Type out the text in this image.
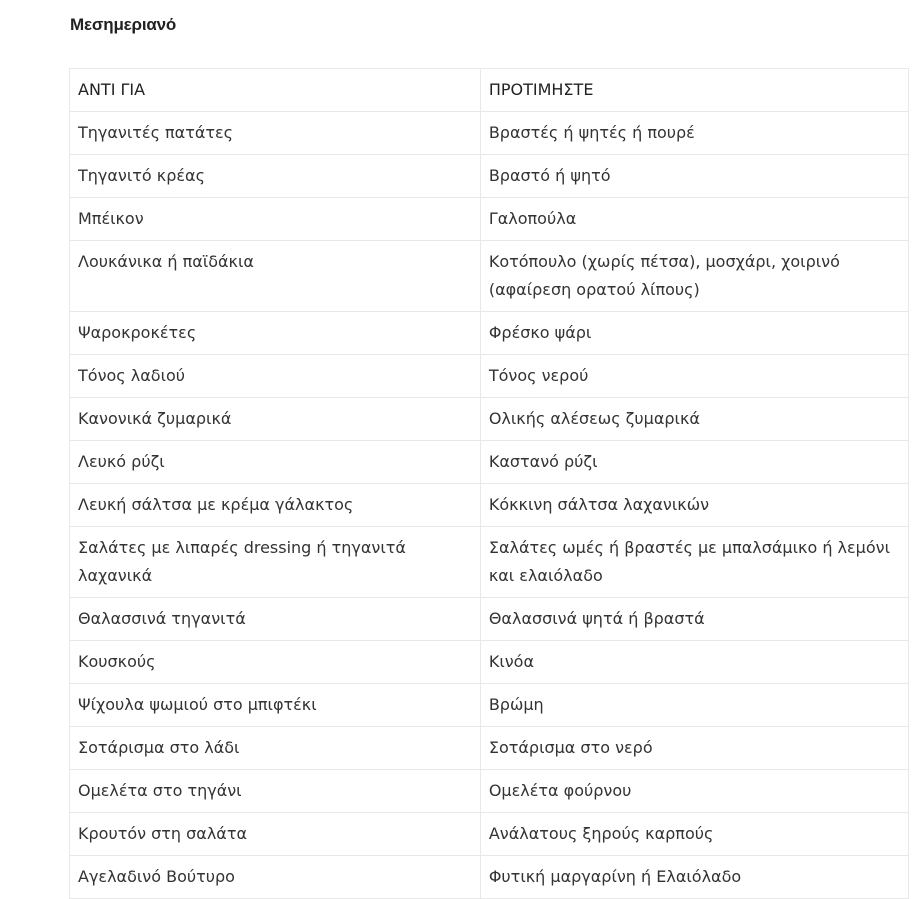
Μεσημεριανό
ΑΝΤΙ ΓΙΑ	ΠΡΟΤΙΜΗΣΤΕ
Τηγανιτές πατάτες	Βραστές ή ψητές ή πουρέ
Τηγανιτό κρέας	Βραστό ή ψητό
Μπέικον	Γαλοπούλα
Λουκάνικα ή παϊδάκια	Κοτόπουλο (χωρίς πέτσα), μοσχάρι, χοιρινό (αφαίρεση ορατού λίπους)
Ψαροκροκέτες	Φρέσκο ψάρι
Τόνος λαδιού	Τόνος νερού
Κανονικά ζυμαρικά	Ολικής αλέσεως ζυμαρικά
Λευκό ρύζι	Καστανό ρύζι
Λευκή σάλτσα με κρέμα γάλακτος	Κόκκινη σάλτσα λαχανικών
Σαλάτες με λιπαρές dressing ή τηγανιτά λαχανικά	Σαλάτες ωμές ή βραστές με μπαλσάμικο ή λεμόνι και ελαιόλαδο
Θαλασσινά τηγανιτά	Θαλασσινά ψητά ή βραστά
Κουσκούς	Κινόα
Ψίχουλα ψωμιού στο μπιφτέκι	Βρώμη
Σοτάρισμα στο λάδι	Σοτάρισμα στο νερό
Ομελέτα στο τηγάνι	Ομελέτα φούρνου
Κρουτόν στη σαλάτα	Ανάλατους ξηρούς καρπούς
Αγελαδινό Βούτυρο	Φυτική μαργαρίνη ή Ελαιόλαδο
